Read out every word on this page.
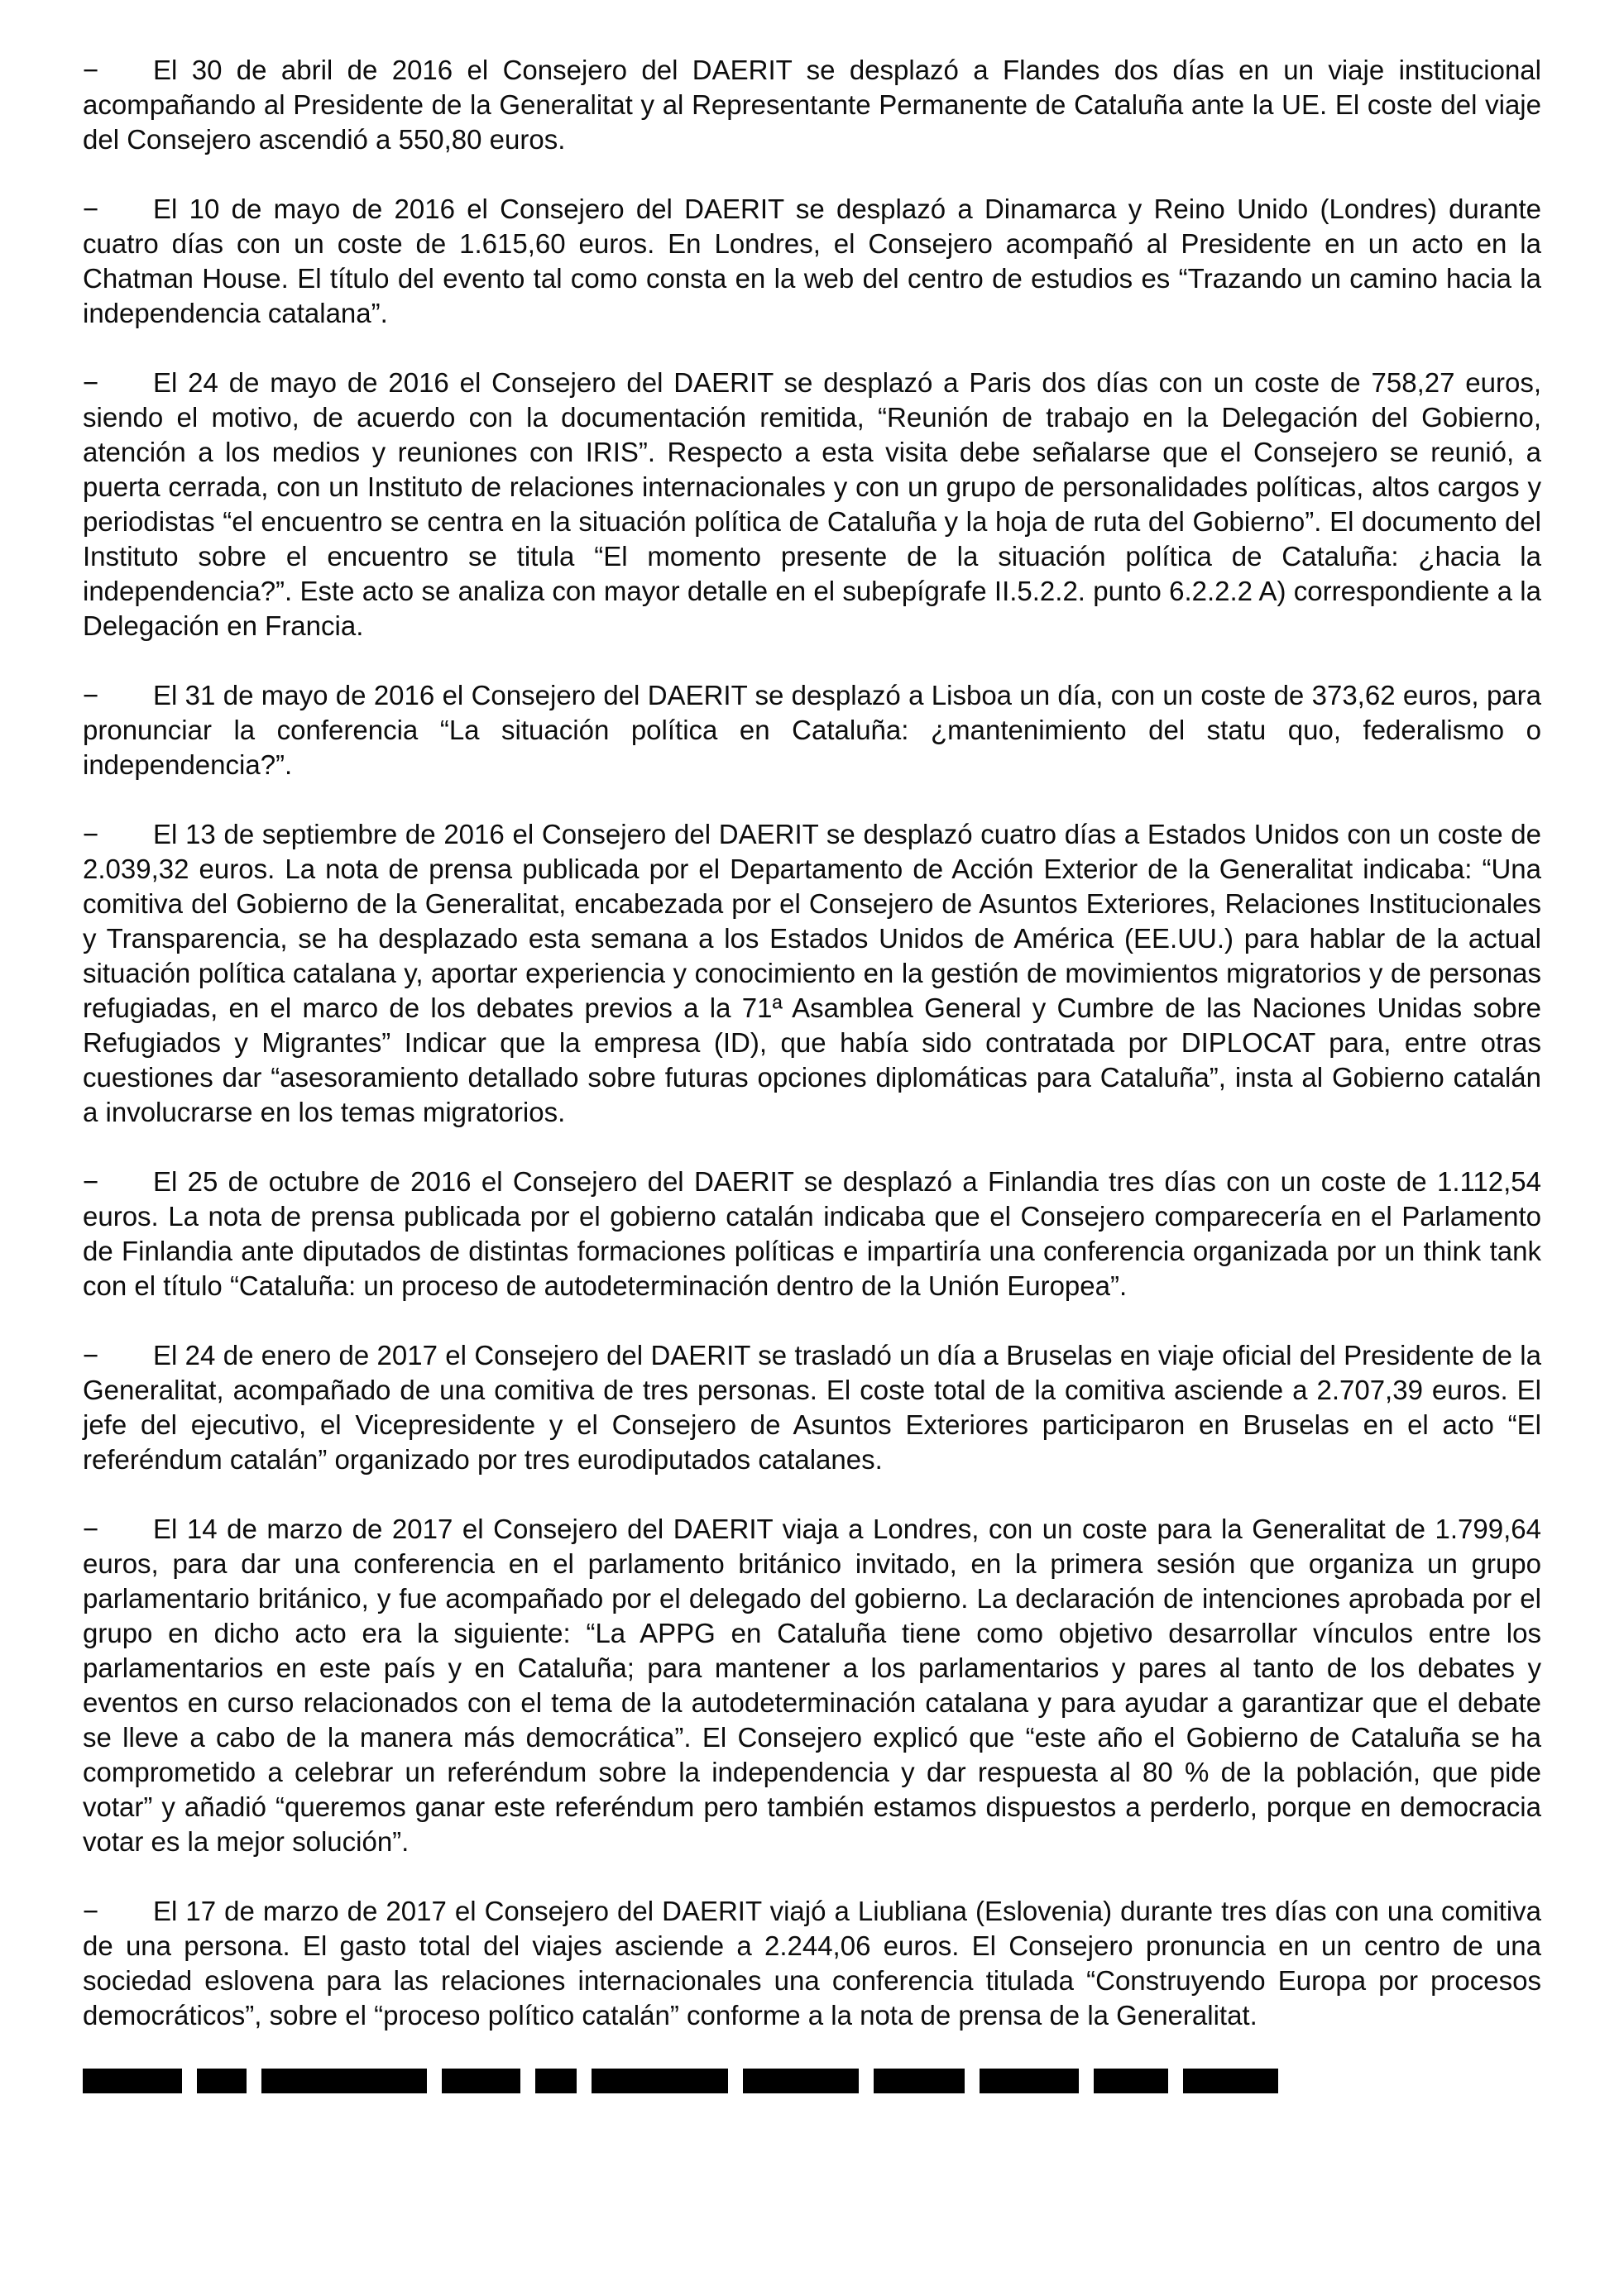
− El 30 de abril de 2016 el Consejero del DAERIT se desplazó a Flandes dos días en un viaje institucional acompañando al Presidente de la Generalitat y al Representante Permanente de Cataluña ante la UE. El coste del viaje del Consejero ascendió a 550,80 euros.

− El 10 de mayo de 2016 el Consejero del DAERIT se desplazó a Dinamarca y Reino Unido (Londres) durante cuatro días con un coste de 1.615,60 euros. En Londres, el Consejero acompañó al Presidente en un acto en la Chatman House. El título del evento tal como consta en la web del centro de estudios es “Trazando un camino hacia la independencia catalana”.

− El 24 de mayo de 2016 el Consejero del DAERIT se desplazó a Paris dos días con un coste de 758,27 euros, siendo el motivo, de acuerdo con la documentación remitida, “Reunión de trabajo en la Delegación del Gobierno, atención a los medios y reuniones con IRIS”. Respecto a esta visita debe señalarse que el Consejero se reunió, a puerta cerrada, con un Instituto de relaciones internacionales y con un grupo de personalidades políticas, altos cargos y periodistas “el encuentro se centra en la situación política de Cataluña y la hoja de ruta del Gobierno”. El documento del Instituto sobre el encuentro se titula “El momento presente de la situación política de Cataluña: ¿hacia la independencia?”. Este acto se analiza con mayor detalle en el subepígrafe II.5.2.2. punto 6.2.2.2 A) correspondiente a la Delegación en Francia.

− El 31 de mayo de 2016 el Consejero del DAERIT se desplazó a Lisboa un día, con un coste de 373,62 euros, para pronunciar la conferencia “La situación política en Cataluña: ¿mantenimiento del statu quo, federalismo o independencia?”.

− El 13 de septiembre de 2016 el Consejero del DAERIT se desplazó cuatro días a Estados Unidos con un coste de 2.039,32 euros. La nota de prensa publicada por el Departamento de Acción Exterior de la Generalitat indicaba: “Una comitiva del Gobierno de la Generalitat, encabezada por el Consejero de Asuntos Exteriores, Relaciones Institucionales y Transparencia, se ha desplazado esta semana a los Estados Unidos de América (EE.UU.) para hablar de la actual situación política catalana y, aportar experiencia y conocimiento en la gestión de movimientos migratorios y de personas refugiadas, en el marco de los debates previos a la 71ª Asamblea General y Cumbre de las Naciones Unidas sobre Refugiados y Migrantes” Indicar que la empresa (ID), que había sido contratada por DIPLOCAT para, entre otras cuestiones dar “asesoramiento detallado sobre futuras opciones diplomáticas para Cataluña”, insta al Gobierno catalán a involucrarse en los temas migratorios.

− El 25 de octubre de 2016 el Consejero del DAERIT se desplazó a Finlandia tres días con un coste de 1.112,54 euros. La nota de prensa publicada por el gobierno catalán indicaba que el Consejero comparecería en el Parlamento de Finlandia ante diputados de distintas formaciones políticas e impartiría una conferencia organizada por un think tank con el título “Cataluña: un proceso de autodeterminación dentro de la Unión Europea”.

− El 24 de enero de 2017 el Consejero del DAERIT se trasladó un día a Bruselas en viaje oficial del Presidente de la Generalitat, acompañado de una comitiva de tres personas. El coste total de la comitiva asciende a 2.707,39 euros. El jefe del ejecutivo, el Vicepresidente y el Consejero de Asuntos Exteriores participaron en Bruselas en el acto “El referéndum catalán” organizado por tres eurodiputados catalanes.

− El 14 de marzo de 2017 el Consejero del DAERIT viaja a Londres, con un coste para la Generalitat de 1.799,64 euros, para dar una conferencia en el parlamento británico invitado, en la primera sesión que organiza un grupo parlamentario británico, y fue acompañado por el delegado del gobierno. La declaración de intenciones aprobada por el grupo en dicho acto era la siguiente: “La APPG en Cataluña tiene como objetivo desarrollar vínculos entre los parlamentarios en este país y en Cataluña; para mantener a los parlamentarios y pares al tanto de los debates y eventos en curso relacionados con el tema de la autodeterminación catalana y para ayudar a garantizar que el debate se lleve a cabo de la manera más democrática”. El Consejero explicó que “este año el Gobierno de Cataluña se ha comprometido a celebrar un referéndum sobre la independencia y dar respuesta al 80 % de la población, que pide votar” y añadió “queremos ganar este referéndum pero también estamos dispuestos a perderlo, porque en democracia votar es la mejor solución”.

− El 17 de marzo de 2017 el Consejero del DAERIT viajó a Liubliana (Eslovenia) durante tres días con una comitiva de una persona. El gasto total del viajes asciende a 2.244,06 euros. El Consejero pronuncia en un centro de una sociedad eslovena para las relaciones internacionales una conferencia titulada “Construyendo Europa por procesos democráticos”, sobre el “proceso político catalán” conforme a la nota de prensa de la Generalitat.
